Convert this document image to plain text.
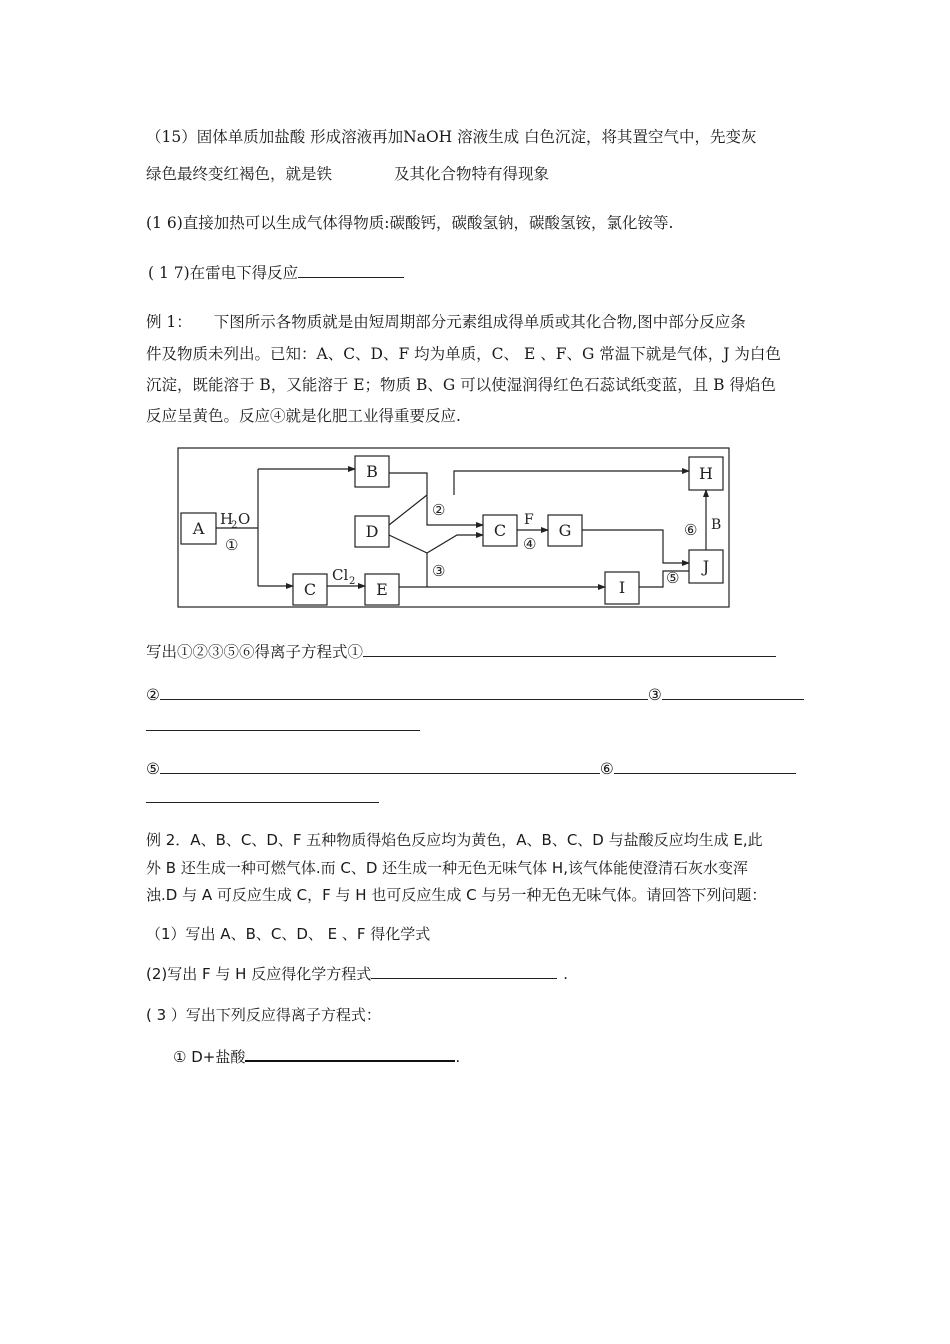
（15）固体单质加盐酸 形成溶液再加NaOH 溶液生成 白色沉淀，将其置空气中，先变灰
绿色最终变红褐色，就是铁	及其化合物特有得现象
(1 6)直接加热可以生成气体得物质:碳酸钙，碳酸氢钠，碳酸氢铵，氯化铵等.
( 1 7)在雷电下得反应
例 1： 下图所示各物质就是由短周期部分元素组成得单质或其化合物,图中部分反应条
件及物质未列出。已知：A、C、D、F 均为单质，C、 E 、F、G 常温下就是气体，J 为白色
沉淀，既能溶于 B，又能溶于 E；物质 B、G 可以使湿润得红色石蕊试纸变蓝，且 B 得焰色
反应呈黄色。反应④就是化肥工业得重要反应.
A
B
D
C	E
C	G
H
J
I
H
2 O
①
Cl 2
②
③
F
④
⑤
⑥ B
写出①②③⑤⑥得离子方程式①
②	③
⑤	⑥
例 2．A、B、C、D、F 五种物质得焰色反应均为黄色，A、B、C、D 与盐酸反应均生成 E,此
外 B 还生成一种可燃气体.而 C、D 还生成一种无色无味气体 H,该气体能使澄清石灰水变浑
浊.D 与 A 可反应生成 C，F 与 H 也可反应生成 C 与另一种无色无味气体。请回答下列问题：
（1）写出 A、B、C、D、 E 、F 得化学式
(2)写出 F 与 H 反应得化学方程式	.
( 3 ）写出下列反应得离子方程式：
① D+盐酸	.
